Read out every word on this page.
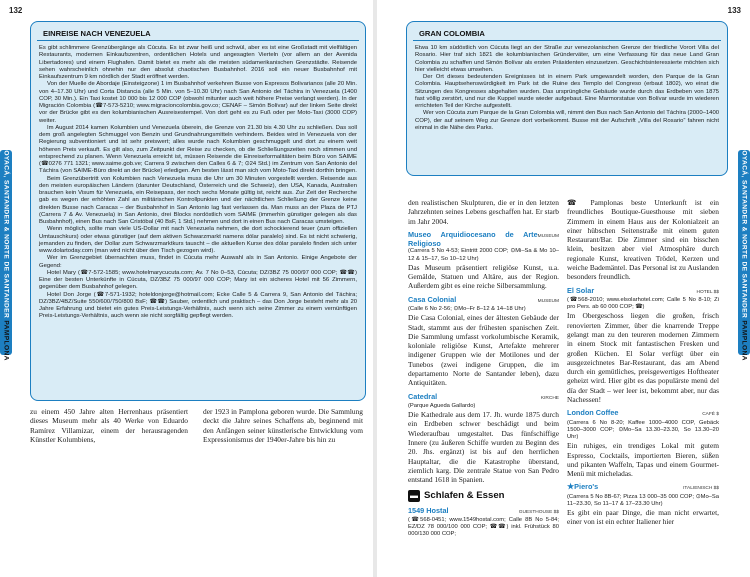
132
EINREISE NACH VENEZUELA

Es gibt schlimmere Grenzübergänge als Cúcuta. Es ist zwar heiß und schwül, aber es ist eine Großstadt mit vielfältigen Restaurants, modernen Einkaufszentren, ordentlichen Hotels und angesagten Vierteln (vor allem an der Avenida Libertadores) und einem Flughafen. Damit bietet es mehr als die meisten südamerikanischen Grenzstädte. Reisende sehen wahrscheinlich ohnehin nur den absolut chaotischen Busbahnhof. 2016 soll ein neuer Busbahnhof mit Einkaufszentrum 9 km nördlich der Stadt eröffnet werden.

Von der Muelle de Abordaje (Einsteigzone) 1 im Busbahnhof verkehren Busse von Expresos Bolivarianos (alle 20 Min. von 4–17.30 Uhr) und Corta Distancia (alle 5 Min. von 5–10.30 Uhr) nach San Antonio del Táchira in Venezuela (1400 COP, 30 Min.). Ein Taxi kostet 10 000 bis 12 000 COP (obwohl mitunter auch weit höhere Preise verlangt werden). In der Migración Colombia (☎7-573-5210; www.migracioncolombia.gov.co; CENAF – Simón Bolívar) auf der linken Seite direkt vor der Brücke gibt es den kolumbianischen Ausreisestempel. Von dort geht es zu Fuß oder per Moto-Taxi (3000 COP) weiter.

Im August 2014 kamen Kolumbien und Venezuela überein, die Grenze von 21.30 bis 4.30 Uhr zu schließen. Das soll dem groß angelegten Schmuggel von Benzin und Grundnahrungsmitteln verhindern. Beides wird in Venezuela von der Regierung subventioniert und ist sehr preiswert; alles wurde nach Kolumbien geschmuggelt und dort zu einem weit höheren Preis verkauft. Es gilt also, zum Zeitpunkt der Reise zu checken, ob die Schließungszeiten noch stimmen und entsprechend zu planen. Wenn Venezuela erreicht ist, müssen Reisende die Einreiseformalitäten beim Büro von SAIME (☎0276 771 1321; www.saime.gob.ve; Carrera 9 zwischen den Calles 6 & 7; ⊙24 Std.) im Zentrum von San Antonio del Táchira (von SAIME-Büro direkt an der Brücke) erledigen. Am besten lässt man sich vom Moto-Taxi direkt dorthin bringen.

Beim Grenzübertritt von Kolumbien nach Venezuela muss die Uhr um 30 Minuten vorgestellt werden. Reisende aus den meisten europäischen Ländern (darunter Deutschland, Österreich und die Schweiz), den USA, Kanada, Australien brauchen kein Visum für Venezuela, ein Reisepass, der noch sechs Monate gültig ist, reicht aus. Zur Zeit der Recherche gab es wegen der erhöhten Zahl an militärischen Kontrollpunkten und der nächtlichen Schließung der Grenze keine direkten Busse nach Caracas – der Busbahnhof in San Antonio lag fast verlassen da. Man muss an der Plaza de PTJ (Carrera 7 & Av. Venezuela) in San Antonio, drei Blocks nordöstlich vom SAIME (immerhin günstiger gelegen als das Busbahnhof), einen Bus nach San Cristóbal (40 BsF, 1 Std.) nehmen und dort in einen Bus nach Caracas umsteigen.

Wenn möglich, sollte man viele US-Dollar mit nach Venezuela nehmen, die dort schockierend teuer (zum offiziellen Umtauschkurs) oder etwas günstiger (auf dem aktiven Schwarzmarkt namens dólar paralelo) sind. Es ist nicht schwierig, jemanden zu finden, der Dollar zum Schwarzmarktkurs tauscht – die aktuellen Kurse des dólar paralelo finden sich unter www.dolartoday.com (man wird nicht über den Tisch gezogen wird).

Wer im Grenzgebiet übernachten muss, findet in Cúcuta mehr Auswahl als in San Antonio. Einige Angebote der Gegend:

Hotel Mary (☎7-572-1585; www.hotelmarycucuta.com; Av. 7 No 0–53, Cúcuta; DZ/3BZ 75 000/97 000 COP; ☎☎) Eine der besten Unterkünfte in Cúcuta, DZ/3BZ 75 000/97 000 COP; Mary ist ein sicheres Hotel mit 56 Zimmern, gegenüber dem Busbahnhof gelegen.

Hotel Don Jorge (☎7-571-1932; hoteldonjorge@hotmail.com; Ecke Calle 5 & Carrera 9, San Antonio del Táchira; DZ/3BZ/4BZ/Suite 550/600/750/800 BsF; ☎☎) Sauber, ordentlich und praktisch – das Don Jorge besteht mehr als 20 Jahre Erfahrung und bietet ein gutes Preis-Leistungs-Verhältnis, auch wenn sich seine Zimmer zu einem vernünftigen Preis-Leistungs-Verhältnis, auch wenn sie nicht sorgfältig gepflegt werden.

BOYACÁ, SANTANDER & NORTE DE SANTANDER PAMPLONA

zu einem 450 Jahre alten Herrenhaus präsentiert dieses Museum mehr als 40 Werke von Eduardo Ramírez Villamizar, einem der herausragenden Künstler Kolumbiens,

der 1923 in Pamplona geboren wurde. Die Sammlung deckt die Jahre seines Schaffens ab, beginnend mit den Anfängen seiner künstlerische Entwicklung vom Expressionismus der 1940er-Jahre bis hin zu

133
GRAN COLOMBIA

Etwa 10 km südöstlich von Cúcuta liegt an der Straße zur venezolanischen Grenze der friedliche Vorort Villa del Rosario. Hier traf sich 1821 die kolumbianischen Gründerväter, um eine Verfassung für das neue Land Gran Colombia zu schaffen und Simón Bolívar als ersten Präsidenten einzusetzen. Geschichtsinteressierte möchten sich hier vielleicht etwas umsehen.

Der Ort dieses bedeutenden Ereignisses ist in einem Park umgewandelt worden, den Parque de la Gran Colombia. Hauptsehenswürdigkeit im Park ist die Ruine des Templo del Congreso (erbaut 1802), wo einst die Sitzungen des Kongresses abgehalten wurden. Das ursprüngliche Gebäude wurde durch das Erdbeben von 1875 fast völlig zerstört, und nur die Kuppel wurde wieder aufgebaut. Eine Marmorstatue von Bolívar wurde im wiederen errichteten Teil der Kirche aufgestellt.

Wer von Cúcuta zum Parque de la Gran Colombia will, nimmt den Bus nach San Antonio del Táchira (2000–1400 COP), der auf seinem Weg zur Grenze dort vorbeikommt. Busse mit der Aufschrift „Villa del Rosario“ fahren nicht einmal in die Nähe des Parks.

BOYACÁ, SANTANDER & NORTE DE SANTANDER PAMPLONA

den realistischen Skulpturen, die er in den letzten Jahrzehnten seines Lebens geschaffen hat. Er starb im Jahr 2004.

Museo Arquidiocesano de Arte Religioso
MUSEUM

(Carrera 5 No 4-53; Eintritt 2000 COP; ⊙Mi–Sa & Mo 10–12 & 15–17, So 10–12 Uhr)

Das Museum präsentiert religiöse Kunst, u.a. Gemälde, Statuen und Altäre, aus der Region. Außerdem gibt es eine reiche Silbersammlung.

Casa Colonial	MUSEUM

(Calle 6 No 2-56; ⊙Mo–Fr 8–12 & 14–18 Uhr)

Die Casa Colonial, eines der ältesten Gebäude der Stadt, stammt aus der frühesten spanischen Zeit. Die Sammlung umfasst vorkolumbische Keramik, koloniale religiöse Kunst, Artefakte mehrerer indigener Gruppen wie der Motilones und der Tunebos (zwei indigene Gruppen, die im departamento Norte de Santander leben), dazu Antiquitäten.

Catedral	KIRCHE

(Parque Agueda Gallardo)

Die Kathedrale aus dem 17. Jh. wurde 1875 durch ein Erdbeben schwer beschädigt und beim Wiederaufbau umgestaltet. Das fünfschiffige Innere (zu äußeren Schiffe wurden zu Beginn des 20. Jhs. ergänzt) ist bis auf den herrlichen Hauptaltar, die die Katastrophe überstand, ziemlich karg. Die zentrale Statue von San Pedro entstand 1618 in Spanien.

▬ Schlafen & Essen
1549 Hostal	GUESTHOUSE $$

(☎568-0451; www.1549hostal.com; Calle 8B No 5-84; EZ/DZ 78 000/100 000 COP; ☎☎) inkl. Frühstück 80 000/130 000 COP;

☎ Pamplonas beste Unterkunft ist ein freundliches Boutique-Guesthouse mit sieben Zimmern in einem Haus aus der Kolonialzeit an einer hübschen Seitenstraße mit einem guten Restaurant/Bar. Die Zimmer sind ein bisschen klein, besitzen aber viel Atmosphäre durch regionale Kunst, kreativen Trödel, Kerzen und weiche Bademäntel. Das Personal ist zu Auslanden besonders freundlich.

El Solar	HOTEL $$

(☎568-2010; www.elsolarhotel.com; Calle 5 No 8-10; Zi pro Pers. ab 60 000 COP; ☎)

Im Obergeschoss liegen die großen, frisch renovierten Zimmer, über die knarrende Treppe gelangt man zu den teureren modernen Zimmern in einem Stock mit fantastischen Fresken und großen Küchen. El Solar verfügt über ein ausgezeichnetes Bar-Restaurant, das am Abend durch ein gemütliches, preisgewertiges Hoftheater geheizt wird. Hier gibt es das populärste menú del día der Stadt – wer leer ist, bekommt aber, nur das Nachessen!

London Coffee	CAFÉ $

(Carrera 6 No 8-20; Kaffee 1000–4000 COP, Gebäck 1500–3000 COP; ⊙Mo–Sa 13.30–23.30, So 13.30–20 Uhr)

Ein ruhiges, ein trendiges Lokal mit gutem Espresso, Cocktails, importierten Bieren, süßen und pikanten Waffeln, Tapas und einem Gourmet-Menü mit micheladas.

★Piero's	ITALIENISCH $$

(Carrera 5 No 8B-67; Pizza 13 000–35 000 COP; ⊙Mo–Sa 11–23.30, So 11–17 & 17–23.30 Uhr)

Es gibt ein paar Dinge, die man nicht erwartet, einer von ist ein echter Italiener hier
